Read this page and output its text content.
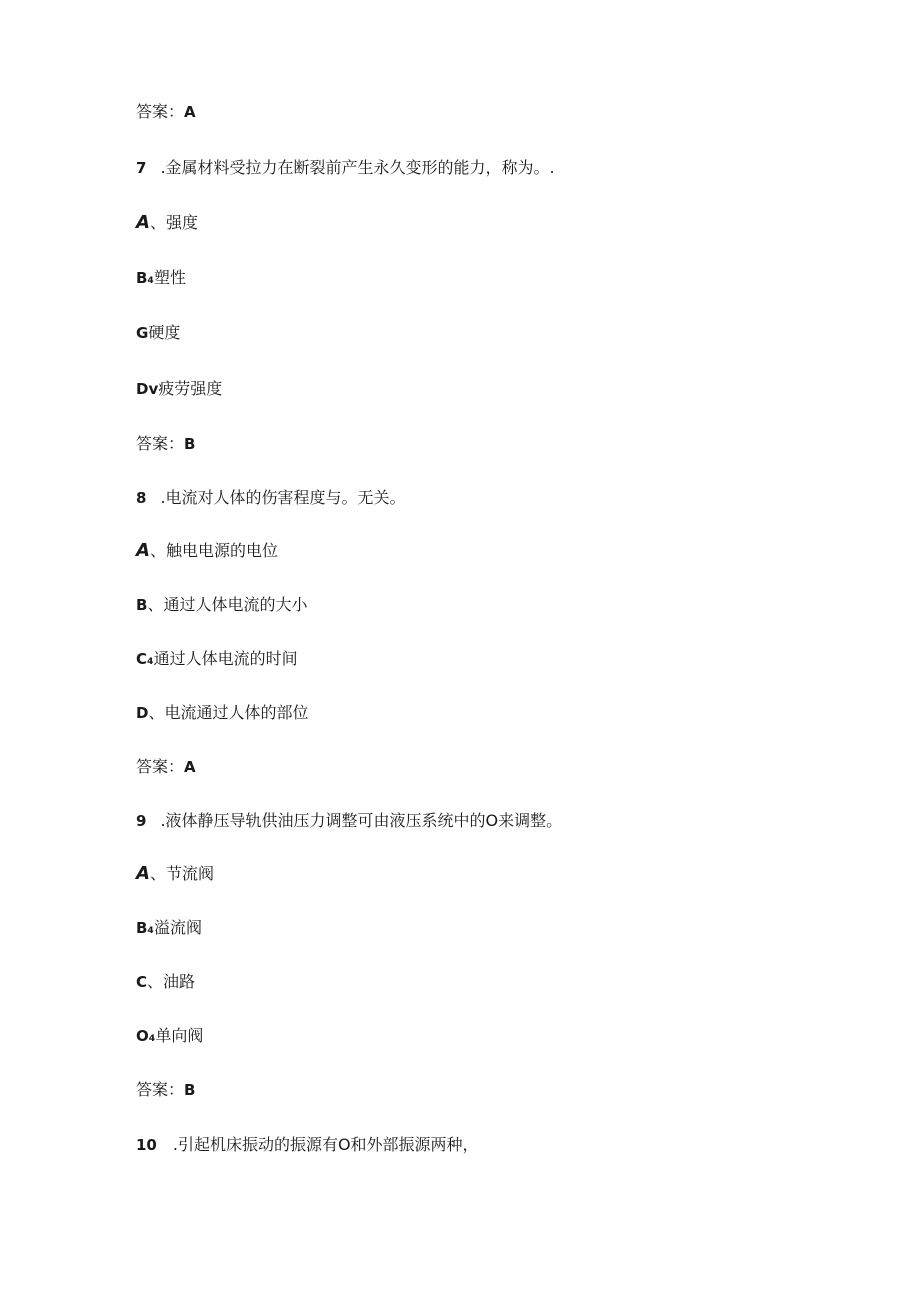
答案：A
7 .金属材料受拉力在断裂前产生永久变形的能力，称为。.
A、强度
B₄塑性
G硬度
Dv疲劳强度
答案：B
8 .电流对人体的伤害程度与。无关。
A、触电电源的电位
B、通过人体电流的大小
C₄通过人体电流的时间
D、电流通过人体的部位
答案：A
9 .液体静压导轨供油压力调整可由液压系统中的O来调整。
A、节流阀
B₄溢流阀
C、油路
O₄单向阀
答案：B
10 .引起机床振动的振源有O和外部振源两种，
